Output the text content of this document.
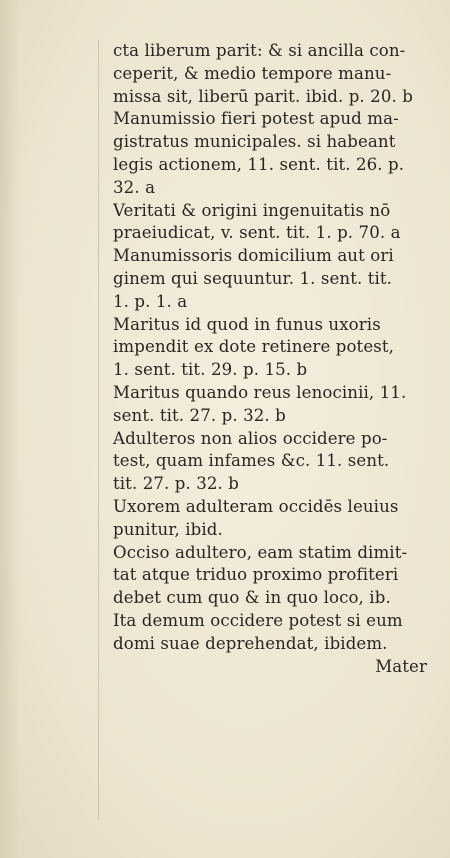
cta liberum parit: & si ancilla con-
ceperit, & medio tempore manu-
missa sit, liberū parit. ibid. p. 20. b
Manumissio fieri potest apud ma-
gistratus municipales. si habeant
legis actionem, 11. sent. tit. 26. p.
32. a
Veritati & origini ingenuitatis nō
praeiudicat, v. sent. tit. 1. p. 70. a
Manumissoris domicilium aut ori
ginem qui sequuntur. 1. sent. tit.
1. p. 1. a
Maritus id quod in funus uxoris
impendit ex dote retinere potest,
1. sent. tit. 29. p. 15. b
Maritus quando reus lenocinii, 11.
sent. tit. 27. p. 32. b
Adulteros non alios occidere po-
test, quam infames &c. 11. sent.
tit. 27. p. 32. b
Uxorem adulteram occidēs leuius
punitur, ibid.
Occiso adultero, eam statim dimit-
tat atque triduo proximo profiteri
debet cum quo & in quo loco, ib.
Ita demum occidere potest si eum
domi suae deprehendat, ibidem.
Mater
